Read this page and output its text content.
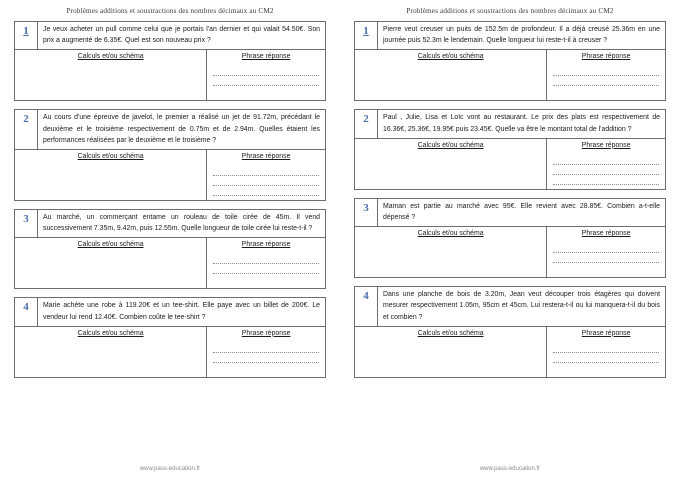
Problèmes additions et soustractions des nombres décimaux au CM2
1	Je veux acheter un pull comme celui que je portais l'an dernier et qui valait 54.50€. Son prix a augmenté de 6.35€. Quel est son nouveau prix ?
Calculs et/ou schéma	Phrase réponse
2	Au cours d'une épreuve de javelot, le premier a réalisé un jet de 91.72m, précédant le deuxième et le troisième respectivement de 0.75m et de 2.94m. Quelles étaient les performances réalisées par le deuxième et le troisième ?
Calculs et/ou schéma	Phrase réponse
3	Au marché, un commerçant entame un rouleau de toile cirée de 45m. Il vend successivement 7.35m, 9.42m, puis 12.55m. Quelle longueur de toile cirée lui reste-t-il ?
Calculs et/ou schéma	Phrase réponse
4	Marie achète une robe à 119.20€ et un tee-shirt. Elle paye avec un billet de 200€. Le vendeur lui rend 12.40€. Combien coûte le tee-shirt ?
Calculs et/ou schéma	Phrase réponse
www.pass-education.fr
Problèmes additions et soustractions des nombres décimaux au CM2
1	Pierre veut creuser un puits de 152.5m de profondeur. Il a déjà creusé 25.36m en une journée puis 52.3m le lendemain. Quelle longueur lui reste-t-il à creuser ?
Calculs et/ou schéma	Phrase réponse
2	Paul , Julie, Lisa et Loïc vont au restaurant. Le prix des plats est respectivement de 16.36€, 25.36€, 19.95€ puis 23.45€. Quelle va être le montant total de l'addition ?
Calculs et/ou schéma	Phrase réponse
3	Maman est partie au marché avec 95€. Elle revient avec 28.85€. Combien a-t-elle dépensé ?
Calculs et/ou schéma	Phrase réponse
4	Dans une planche de bois de 3.20m, Jean veut découper trois étagères qui doivent mesurer respectivement 1.05m, 95cm et 45cm. Lui restera-t-il ou lui manquera-t-il du bois et combien ?
Calculs et/ou schéma	Phrase réponse
www.pass-education.fr
